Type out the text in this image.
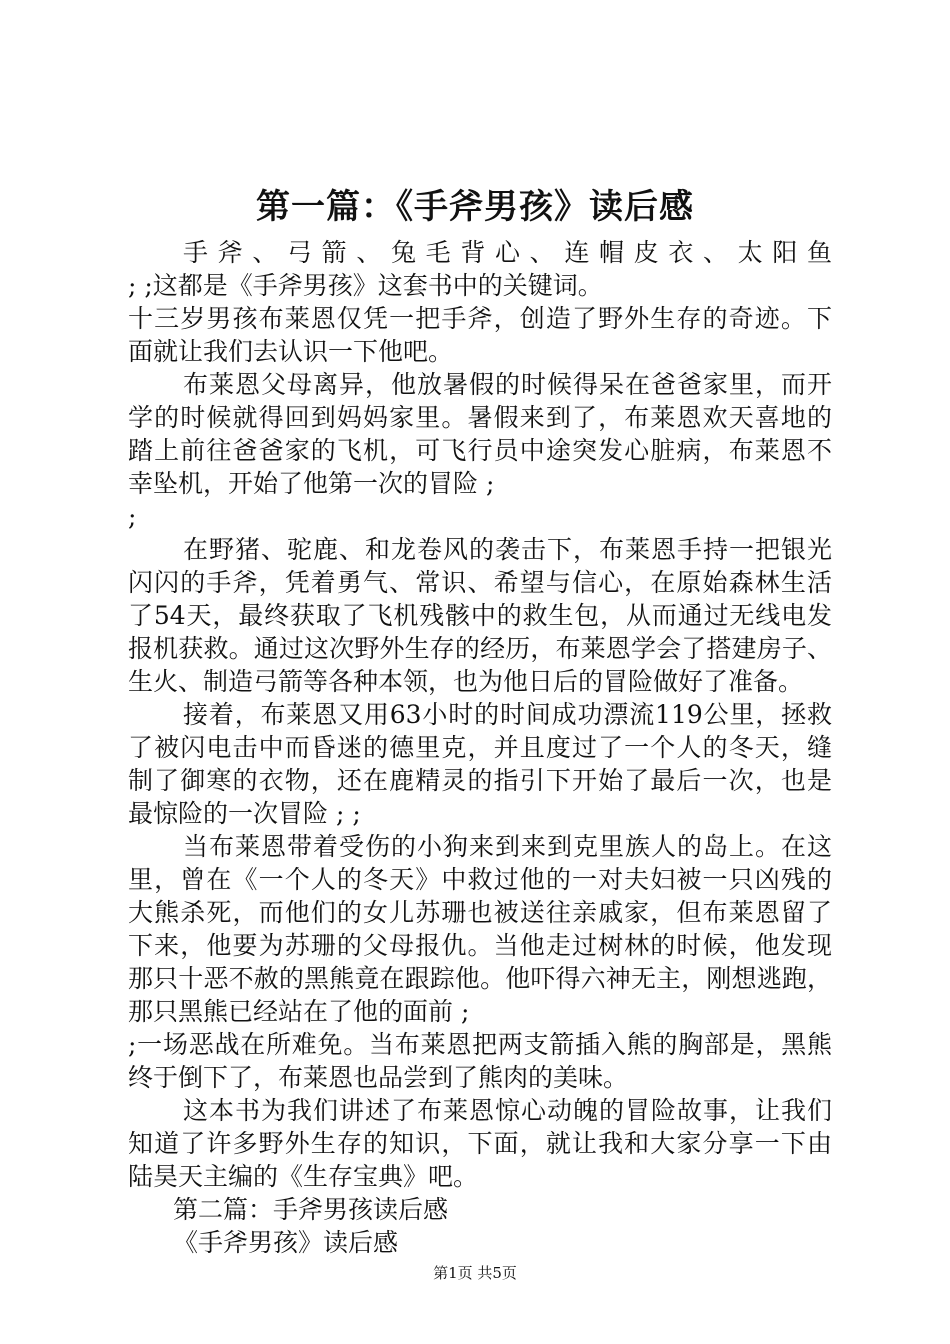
第一篇：《手斧男孩》读后感
手斧、弓箭、兔毛背心、连帽皮衣、太阳鱼
; ;这都是《手斧男孩》这套书中的关键词。
十三岁男孩布莱恩仅凭一把手斧，创造了野外生存的奇迹。下
面就让我们去认识一下他吧。
布莱恩父母离异，他放暑假的时候得呆在爸爸家里，而开
学的时候就得回到妈妈家里。暑假来到了，布莱恩欢天喜地的
踏上前往爸爸家的飞机，可飞行员中途突发心脏病，布莱恩不
幸坠机，开始了他第一次的冒险 ;
;
在野猪、驼鹿、和龙卷风的袭击下，布莱恩手持一把银光
闪闪的手斧，凭着勇气、常识、希望与信心，在原始森林生活
了54天，最终获取了飞机残骸中的救生包，从而通过无线电发
报机获救。通过这次野外生存的经历，布莱恩学会了搭建房子、
生火、制造弓箭等各种本领，也为他日后的冒险做好了准备。
接着，布莱恩又用63小时的时间成功漂流119公里，拯救
了被闪电击中而昏迷的德里克，并且度过了一个人的冬天，缝
制了御寒的衣物，还在鹿精灵的指引下开始了最后一次，也是
最惊险的一次冒险 ; ;
当布莱恩带着受伤的小狗来到来到克里族人的岛上。在这
里，曾在《一个人的冬天》中救过他的一对夫妇被一只凶残的
大熊杀死，而他们的女儿苏珊也被送往亲戚家，但布莱恩留了
下来，他要为苏珊的父母报仇。当他走过树林的时候，他发现
那只十恶不赦的黑熊竟在跟踪他。他吓得六神无主，刚想逃跑，
那只黑熊已经站在了他的面前 ;
;一场恶战在所难免。当布莱恩把两支箭插入熊的胸部是，黑熊
终于倒下了，布莱恩也品尝到了熊肉的美味。
这本书为我们讲述了布莱恩惊心动魄的冒险故事，让我们
知道了许多野外生存的知识，下面，就让我和大家分享一下由
陆昊天主编的《生存宝典》吧。
第二篇：手斧男孩读后感
《手斧男孩》读后感
第1页 共5页
